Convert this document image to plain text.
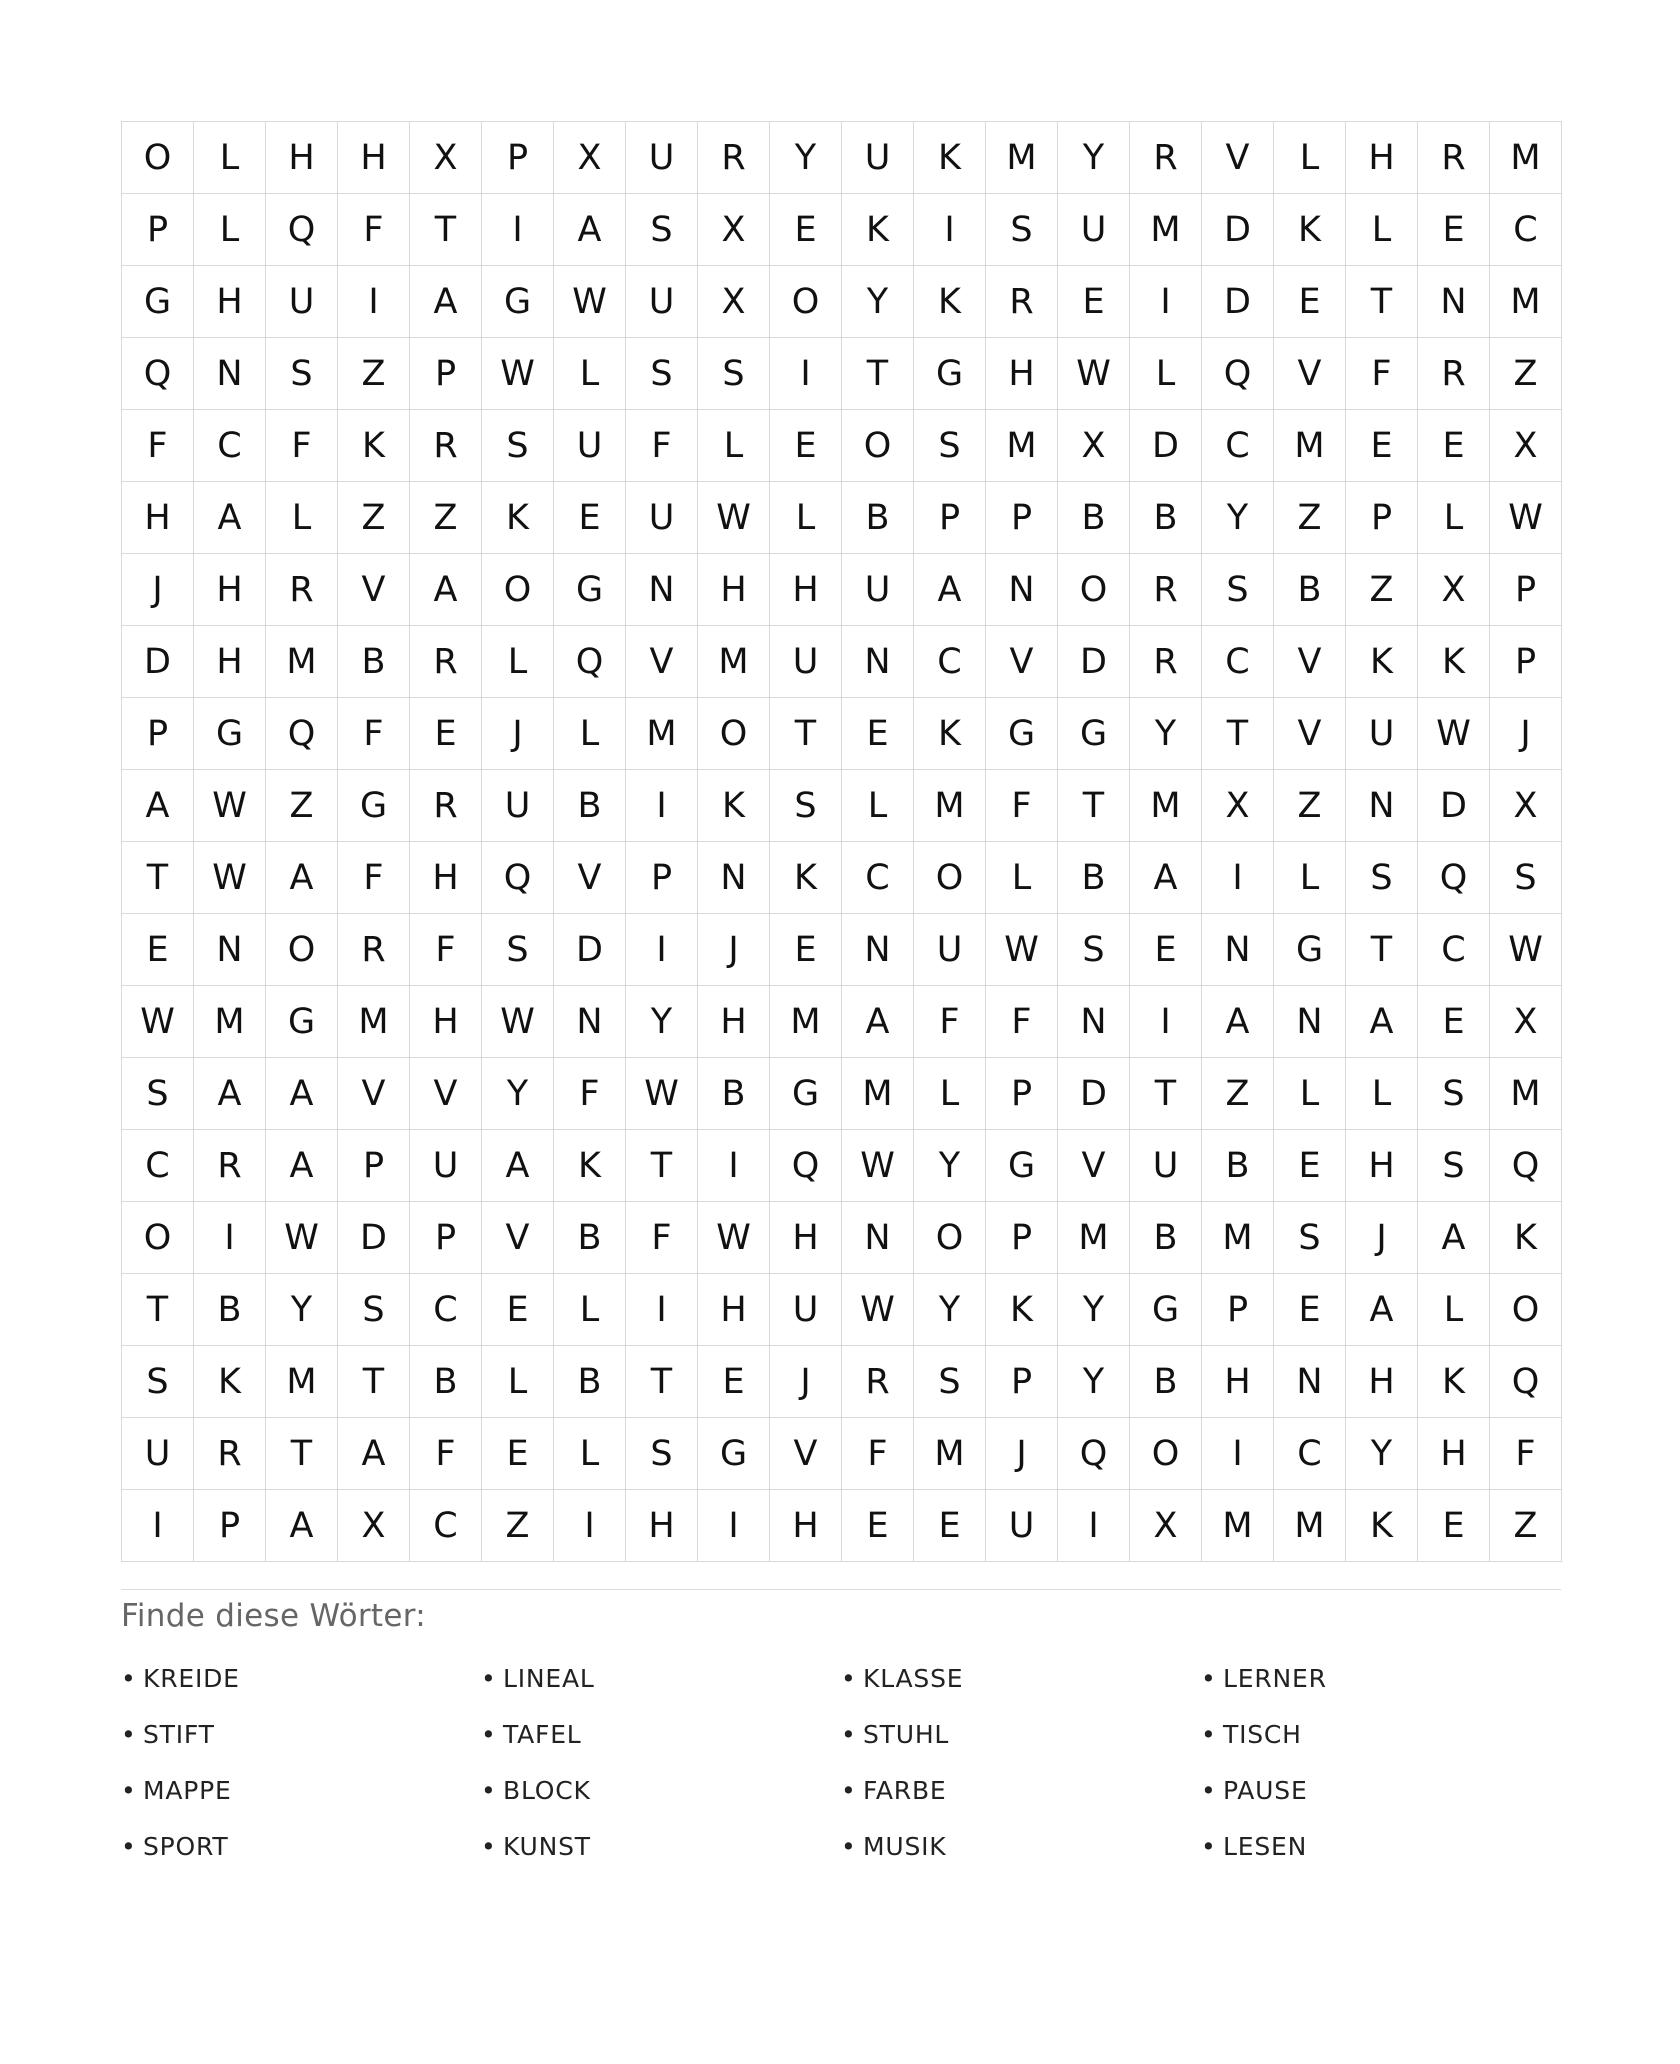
O	L	H	H	X	P	X	U	R	Y	U	K	M	Y	R	V	L	H	R	M
P	L	Q	F	T	I	A	S	X	E	K	I	S	U	M	D	K	L	E	C
G	H	U	I	A	G	W	U	X	O	Y	K	R	E	I	D	E	T	N	M
Q	N	S	Z	P	W	L	S	S	I	T	G	H	W	L	Q	V	F	R	Z
F	C	F	K	R	S	U	F	L	E	O	S	M	X	D	C	M	E	E	X
H	A	L	Z	Z	K	E	U	W	L	B	P	P	B	B	Y	Z	P	L	W
J	H	R	V	A	O	G	N	H	H	U	A	N	O	R	S	B	Z	X	P
D	H	M	B	R	L	Q	V	M	U	N	C	V	D	R	C	V	K	K	P
P	G	Q	F	E	J	L	M	O	T	E	K	G	G	Y	T	V	U	W	J
A	W	Z	G	R	U	B	I	K	S	L	M	F	T	M	X	Z	N	D	X
T	W	A	F	H	Q	V	P	N	K	C	O	L	B	A	I	L	S	Q	S
E	N	O	R	F	S	D	I	J	E	N	U	W	S	E	N	G	T	C	W
W	M	G	M	H	W	N	Y	H	M	A	F	F	N	I	A	N	A	E	X
S	A	A	V	V	Y	F	W	B	G	M	L	P	D	T	Z	L	L	S	M
C	R	A	P	U	A	K	T	I	Q	W	Y	G	V	U	B	E	H	S	Q
O	I	W	D	P	V	B	F	W	H	N	O	P	M	B	M	S	J	A	K
T	B	Y	S	C	E	L	I	H	U	W	Y	K	Y	G	P	E	A	L	O
S	K	M	T	B	L	B	T	E	J	R	S	P	Y	B	H	N	H	K	Q
U	R	T	A	F	E	L	S	G	V	F	M	J	Q	O	I	C	Y	H	F
I	P	A	X	C	Z	I	H	I	H	E	E	U	I	X	M	M	K	E	Z
Finde diese Wörter:
• KREIDE	• LINEAL	• KLASSE	• LERNER
• STIFT	• TAFEL	• STUHL	• TISCH
• MAPPE	• BLOCK	• FARBE	• PAUSE
• SPORT	• KUNST	• MUSIK	• LESEN
